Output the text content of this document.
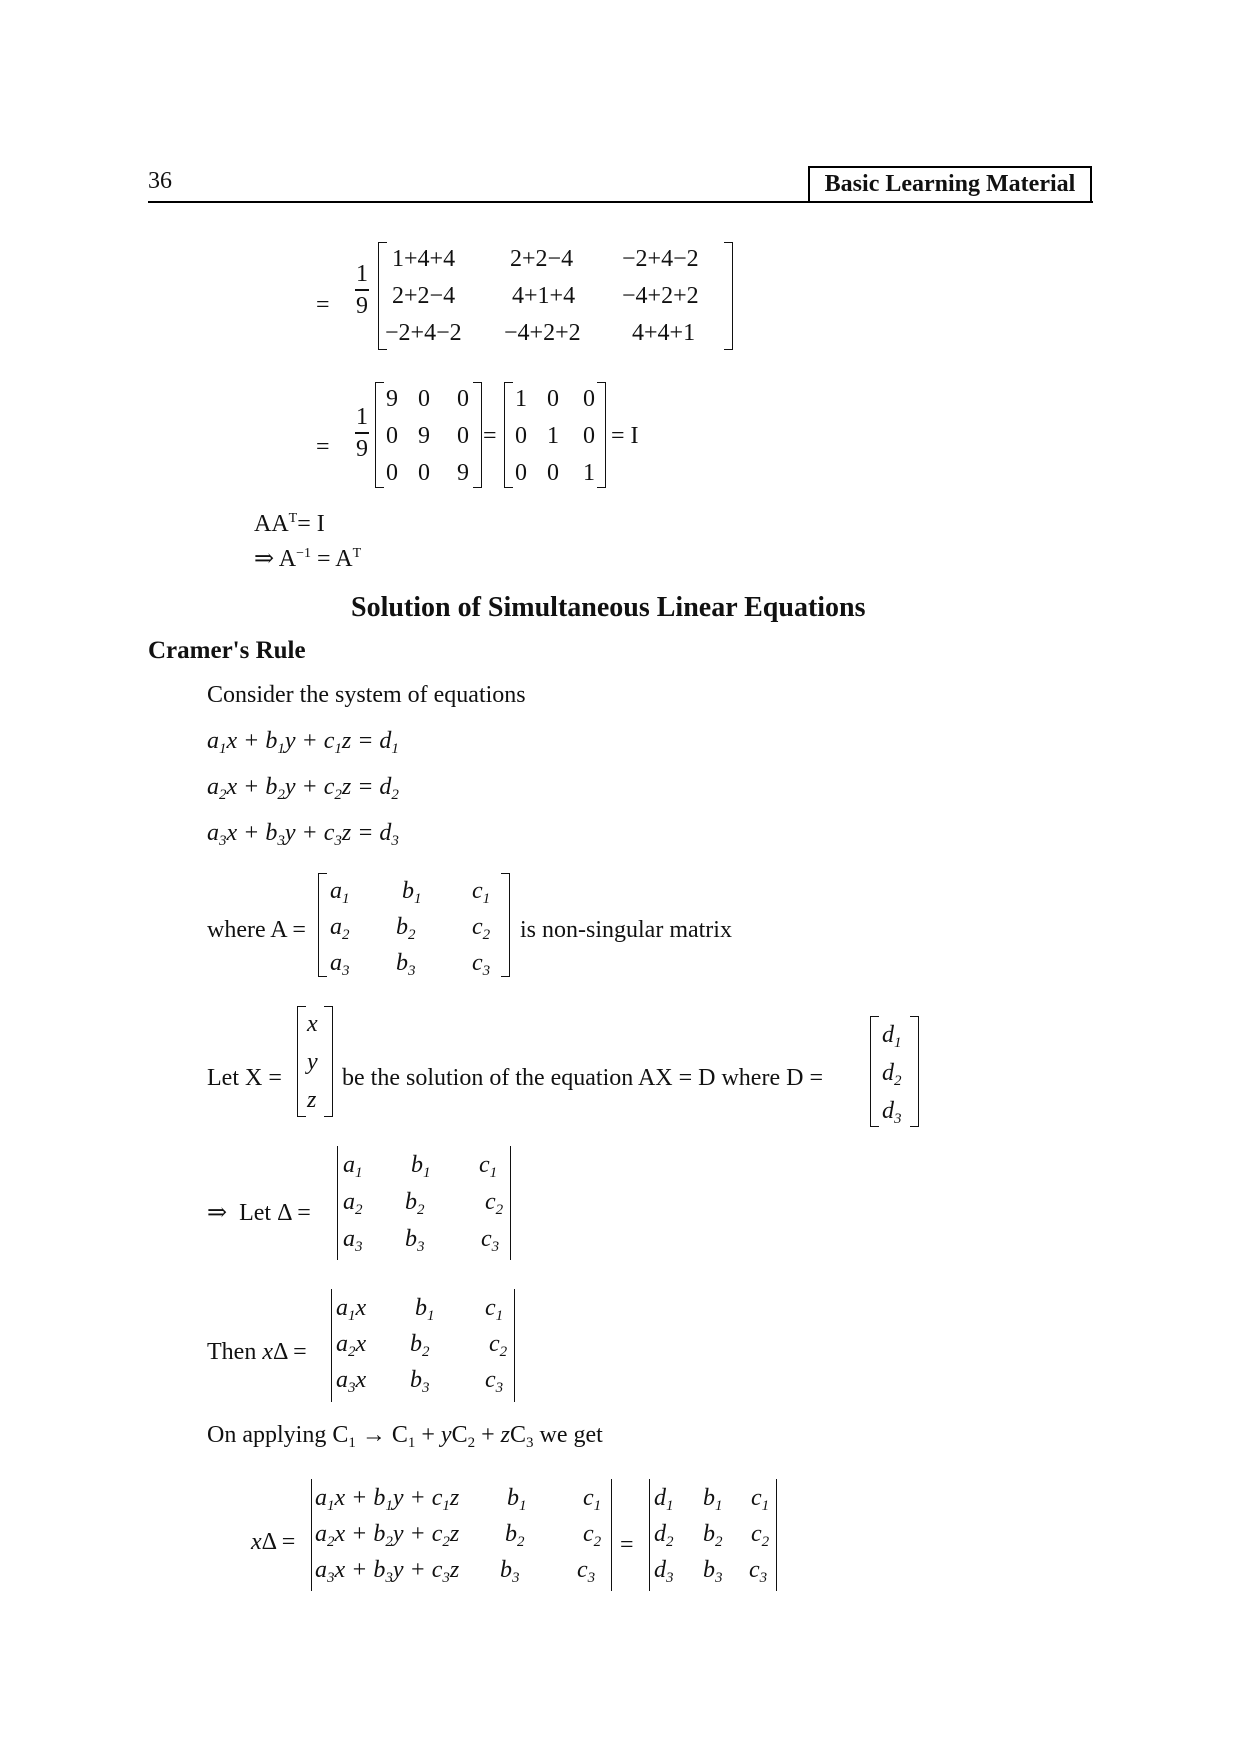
36	Basic Learning Material
=
1
9
1+4+4 2+2−4 −2+4−2
2+2−4 4+1+4 −4+2+2
−2+4−2 −4+2+2 4+4+1
=
1
9
9 0 0
0 9 0
0 0 9
=
1 0 0
0 1 0
0 0 1
= I
$AA^T= I$
⇒ $A^{-1} = A^T$
Solution of Simultaneous Linear Equations
Cramer's Rule
Consider the system of equations
$a_1x + b_1y + c_1z = d_1$
$a_2x + b_2y + c_2z = d_2$
$a_3x + b_3y + c_3z = d_3$
where A =
$a_1$ $b_1$ $c_1$
$a_2$ $b_2$ $c_2$
$a_3$ $b_3$ $c_3$
is non-singular matrix
Let X =
x
y
z
be the solution of the equation AX = D where D =
$d_1$
$d_2$
$d_3$
⇒ Let Δ =
$a_1$ $b_1$ $c_1$
$a_2$ $b_2$	$c_2$
$a_3$ $b_3$ $c_3$
Then xΔ =
$a_1x$ $b_1$ $c_1$
$a_2x$ $b_2$ $c_2$
$a_3x$ $b_3$ $c_3$
On applying $C_1 \to C_1 + yC_2 + zC_3$ we get
xΔ =
$a_1x + b_1y + c_1z$ $b_1$ $c_1$
$a_2x + b_2y + c_2z$ $b_2$ $c_2$
$a_3x + b_3y + c_3z$ $b_3$ $c_3$
=
$d_1$ $b_1$ $c_1$
$d_2$ $b_2$ $c_2$
$d_3$ $b_3$ $c_3$
